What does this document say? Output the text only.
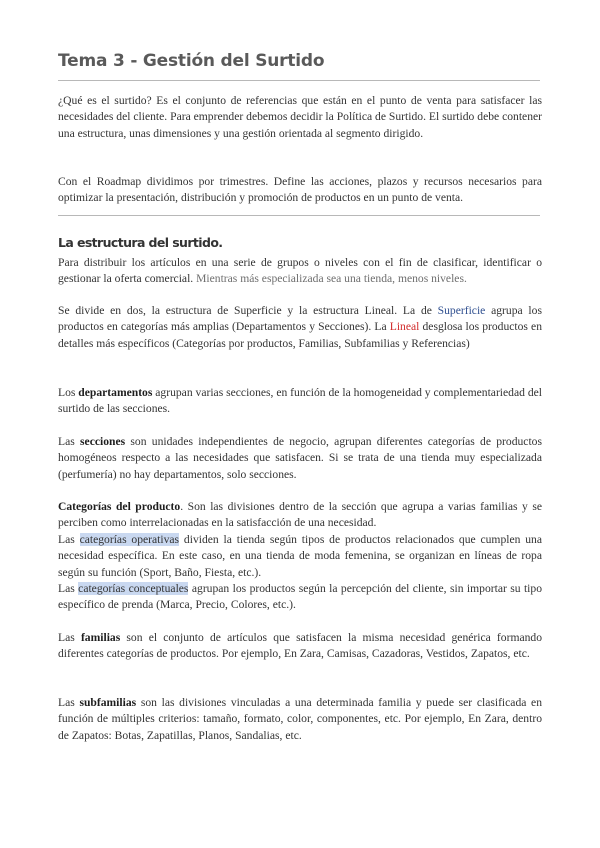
Tema 3 - Gestión del Surtido

¿Qué es el surtido? Es el conjunto de referencias que están en el punto de venta para satisfacer las necesidades del cliente. Para emprender debemos decidir la Política de Surtido. El surtido debe contener una estructura, unas dimensiones y una gestión orientada al segmento dirigido.

Con el Roadmap dividimos por trimestres. Define las acciones, plazos y recursos necesarios para optimizar la presentación, distribución y promoción de productos en un punto de venta.

La estructura del surtido.

Para distribuir los artículos en una serie de grupos o niveles con el fin de clasificar, identificar o gestionar la oferta comercial. Mientras más especializada sea una tienda, menos niveles.

Se divide en dos, la estructura de Superficie y la estructura Lineal. La de Superficie agrupa los productos en categorías más amplias (Departamentos y Secciones). La Lineal desglosa los productos en detalles más específicos (Categorías por productos, Familias, Subfamilias y Referencias)

Los departamentos agrupan varias secciones, en función de la homogeneidad y complementariedad del surtido de las secciones.

Las secciones son unidades independientes de negocio, agrupan diferentes categorías de productos homogéneos respecto a las necesidades que satisfacen. Si se trata de una tienda muy especializada (perfumería) no hay departamentos, solo secciones.

Categorías del producto. Son las divisiones dentro de la sección que agrupa a varias familias y se perciben como interrelacionadas en la satisfacción de una necesidad.
Las categorías operativas dividen la tienda según tipos de productos relacionados que cumplen una necesidad específica. En este caso, en una tienda de moda femenina, se organizan en líneas de ropa según su función (Sport, Baño, Fiesta, etc.).
Las categorías conceptuales agrupan los productos según la percepción del cliente, sin importar su tipo específico de prenda (Marca, Precio, Colores, etc.).

Las familias son el conjunto de artículos que satisfacen la misma necesidad genérica formando diferentes categorías de productos. Por ejemplo, En Zara, Camisas, Cazadoras, Vestidos, Zapatos, etc.

Las subfamilias son las divisiones vinculadas a una determinada familia y puede ser clasificada en función de múltiples criterios: tamaño, formato, color, componentes, etc. Por ejemplo, En Zara, dentro de Zapatos: Botas, Zapatillas, Planos, Sandalias, etc.
